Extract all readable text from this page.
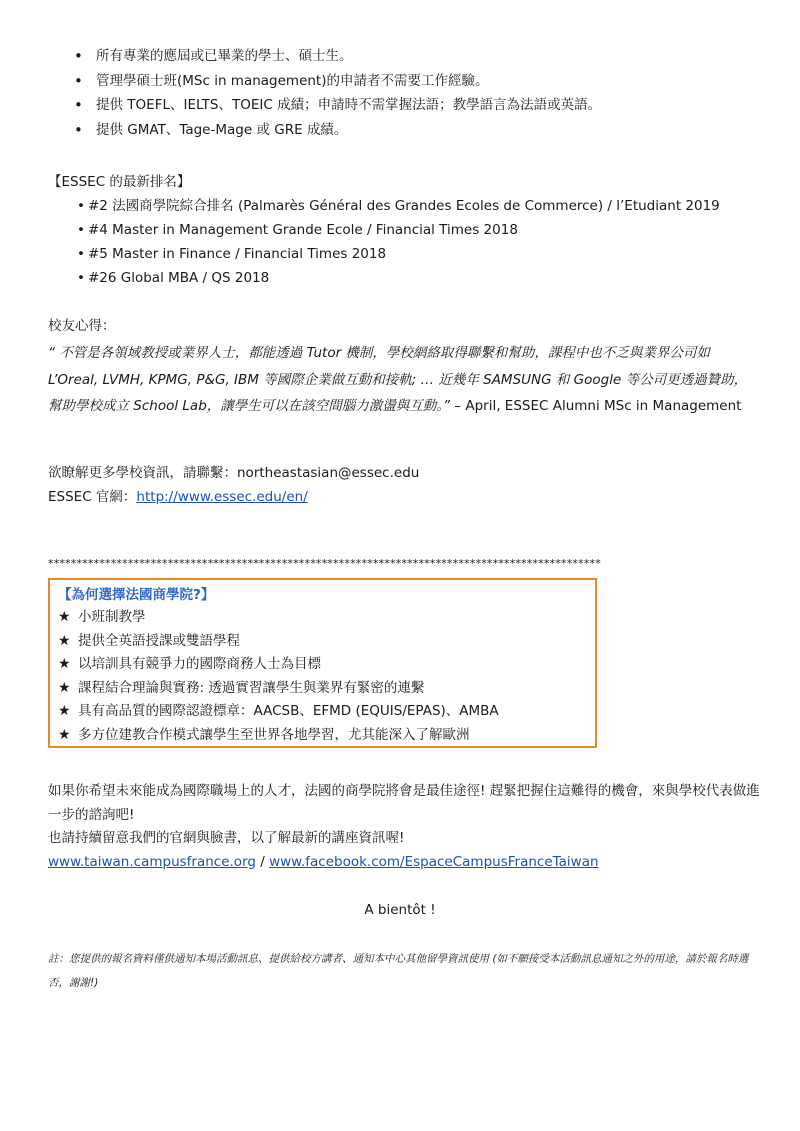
• 所有專業的應屆或已畢業的學士、碩士生。
• 管理學碩士班(MSc in management)的申請者不需要工作經驗。
• 提供 TOEFL、IELTS、TOEIC 成績；申請時不需掌握法語；教學語言為法語或英語。
• 提供 GMAT、Tage-Mage 或 GRE 成績。
【ESSEC 的最新排名】
• #2 法國商學院綜合排名 (Palmarès Général des Grandes Ecoles de Commerce) / l’Etudiant 2019
• #4 Master in Management Grande Ecole / Financial Times 2018
• #5 Master in Finance / Financial Times 2018
• #26 Global MBA / QS 2018
校友心得：
“ 不管是各領域教授或業界人士，都能透過 Tutor 機制，學校網絡取得聯繫和幫助，課程中也不乏與業界公司如 L’Oreal, LVMH, KPMG, P&G, IBM 等國際企業做互動和接軌; … 近幾年 SAMSUNG 和 Google 等公司更透過贊助，幫助學校成立 School Lab，讓學生可以在該空間腦力激盪與互動。” – April, ESSEC Alumni MSc in Management
欲瞭解更多學校資訊，請聯繫：northeastasian@essec.edu
ESSEC 官網：http://www.essec.edu/en/
*************************************************************************************************
【為何選擇法國商學院?】
★ 小班制教學
★ 提供全英語授課或雙語學程
★ 以培訓具有競爭力的國際商務人士為目標
★ 課程結合理論與實務: 透過實習讓學生與業界有緊密的連繫
★ 具有高品質的國際認證標章：AACSB、EFMD (EQUIS/EPAS)、AMBA
★ 多方位建教合作模式讓學生至世界各地學習，尤其能深入了解歐洲
如果你希望未來能成為國際職場上的人才，法國的商學院將會是最佳途徑! 趕緊把握住這難得的機會，來與學校代表做進一步的諮詢吧!
也請持續留意我們的官網與臉書，以了解最新的講座資訊喔!
www.taiwan.campusfrance.org / www.facebook.com/EspaceCampusFranceTaiwan
A bientôt !
註：您提供的報名資料僅供通知本場活動訊息、提供給校方講者、通知本中心其他留學資訊使用 (如不願接受本活動訊息通知之外的用途，請於報名時選否，謝謝!)
